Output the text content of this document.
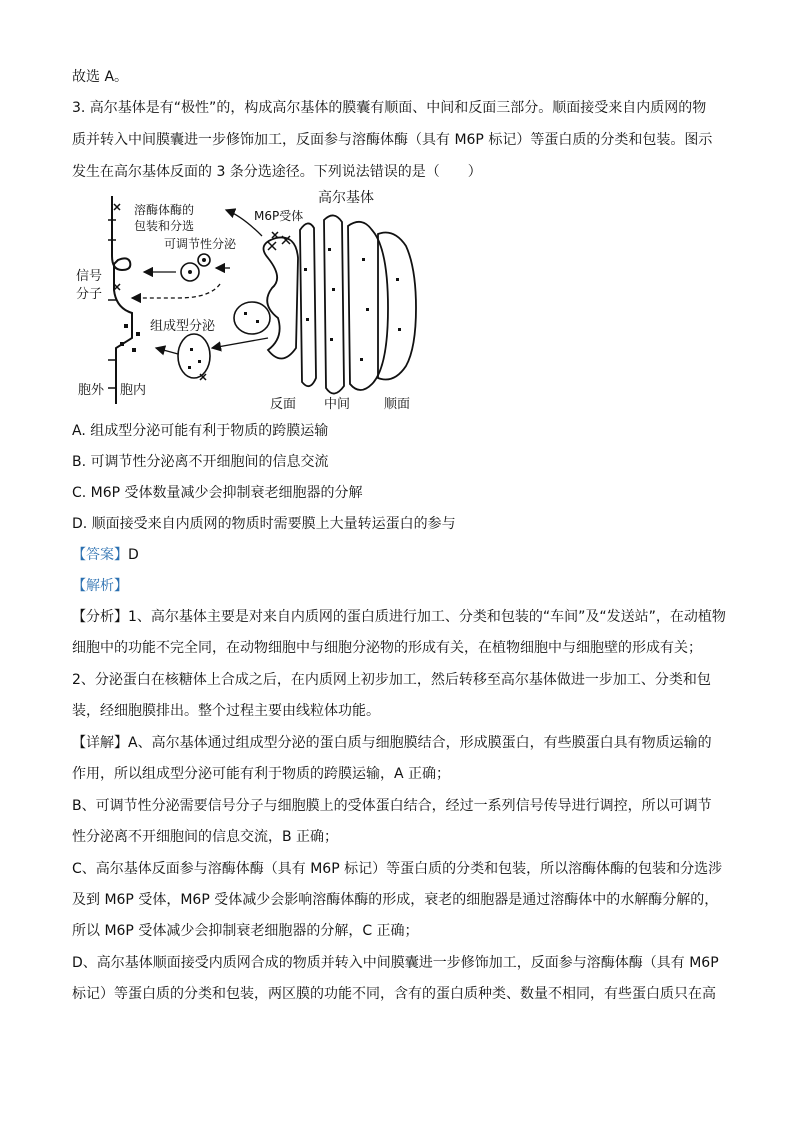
故选 A。
3. 高尔基体是有“极性”的，构成高尔基体的膜囊有顺面、中间和反面三部分。顺面接受来自内质网的物
质并转入中间膜囊进一步修饰加工，反面参与溶酶体酶（具有 M6P 标记）等蛋白质的分类和包装。图示
发生在高尔基体反面的 3 条分选途径。下列说法错误的是（　　）
高尔基体
溶酶体酶的
包装和分选
M6P受体
可调节性分泌
信号
分子
组成型分泌
胞外 胞内
反面 中间	顺面
A. 组成型分泌可能有利于物质的跨膜运输
B. 可调节性分泌离不开细胞间的信息交流
C. M6P 受体数量减少会抑制衰老细胞器的分解
D. 顺面接受来自内质网的物质时需要膜上大量转运蛋白的参与
【答案】D
【解析】
【分析】1、高尔基体主要是对来自内质网的蛋白质进行加工、分类和包装的“车间”及“发送站”，在动植物
细胞中的功能不完全同，在动物细胞中与细胞分泌物的形成有关，在植物细胞中与细胞壁的形成有关；
2、分泌蛋白在核糖体上合成之后，在内质网上初步加工，然后转移至高尔基体做进一步加工、分类和包
装，经细胞膜排出。整个过程主要由线粒体功能。
【详解】A、高尔基体通过组成型分泌的蛋白质与细胞膜结合，形成膜蛋白，有些膜蛋白具有物质运输的
作用，所以组成型分泌可能有利于物质的跨膜运输，A 正确；
B、可调节性分泌需要信号分子与细胞膜上的受体蛋白结合，经过一系列信号传导进行调控，所以可调节
性分泌离不开细胞间的信息交流，B 正确；
C、高尔基体反面参与溶酶体酶（具有 M6P 标记）等蛋白质的分类和包装，所以溶酶体酶的包装和分选涉
及到 M6P 受体，M6P 受体减少会影响溶酶体酶的形成，衰老的细胞器是通过溶酶体中的水解酶分解的，
所以 M6P 受体减少会抑制衰老细胞器的分解，C 正确；
D、高尔基体顺面接受内质网合成的物质并转入中间膜囊进一步修饰加工，反面参与溶酶体酶（具有 M6P
标记）等蛋白质的分类和包装，两区膜的功能不同，含有的蛋白质种类、数量不相同，有些蛋白质只在高
